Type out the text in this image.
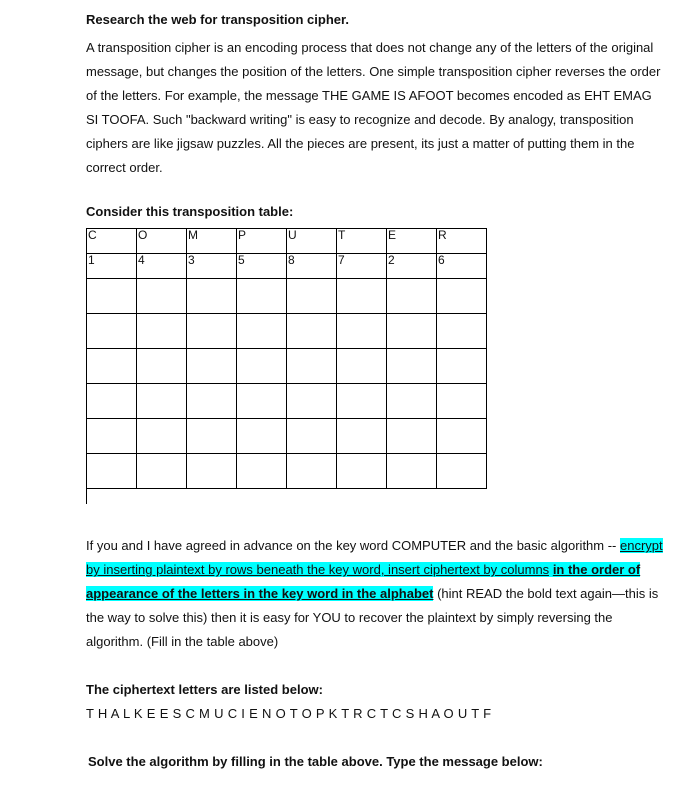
Research the web for transposition cipher.

A transposition cipher is an encoding process that does not change any of the letters of the original message, but changes the position of the letters. One simple transposition cipher reverses the order of the letters. For example, the message THE GAME IS AFOOT becomes encoded as EHT EMAG SI TOOFA. Such "backward writing" is easy to recognize and decode. By analogy, transposition ciphers are like jigsaw puzzles. All the pieces are present, its just a matter of putting them in the correct order.

Consider this transposition table:
C	O	M	P	U	T	E	R
1	4	3	5	8	7	2	6

If you and I have agreed in advance on the key word COMPUTER and the basic algorithm -- encrypt by inserting plaintext by rows beneath the key word, insert ciphertext by columns in the order of appearance of the letters in the key word in the alphabet (hint READ the bold text again—this is the way to solve this) then it is easy for YOU to recover the plaintext by simply reversing the algorithm. (Fill in the table above)

The ciphertext letters are listed below:
T H A L K E E S C M U C I E N O T O P K T R C T C S H A O U T F
Solve the algorithm by filling in the table above. Type the message below:
